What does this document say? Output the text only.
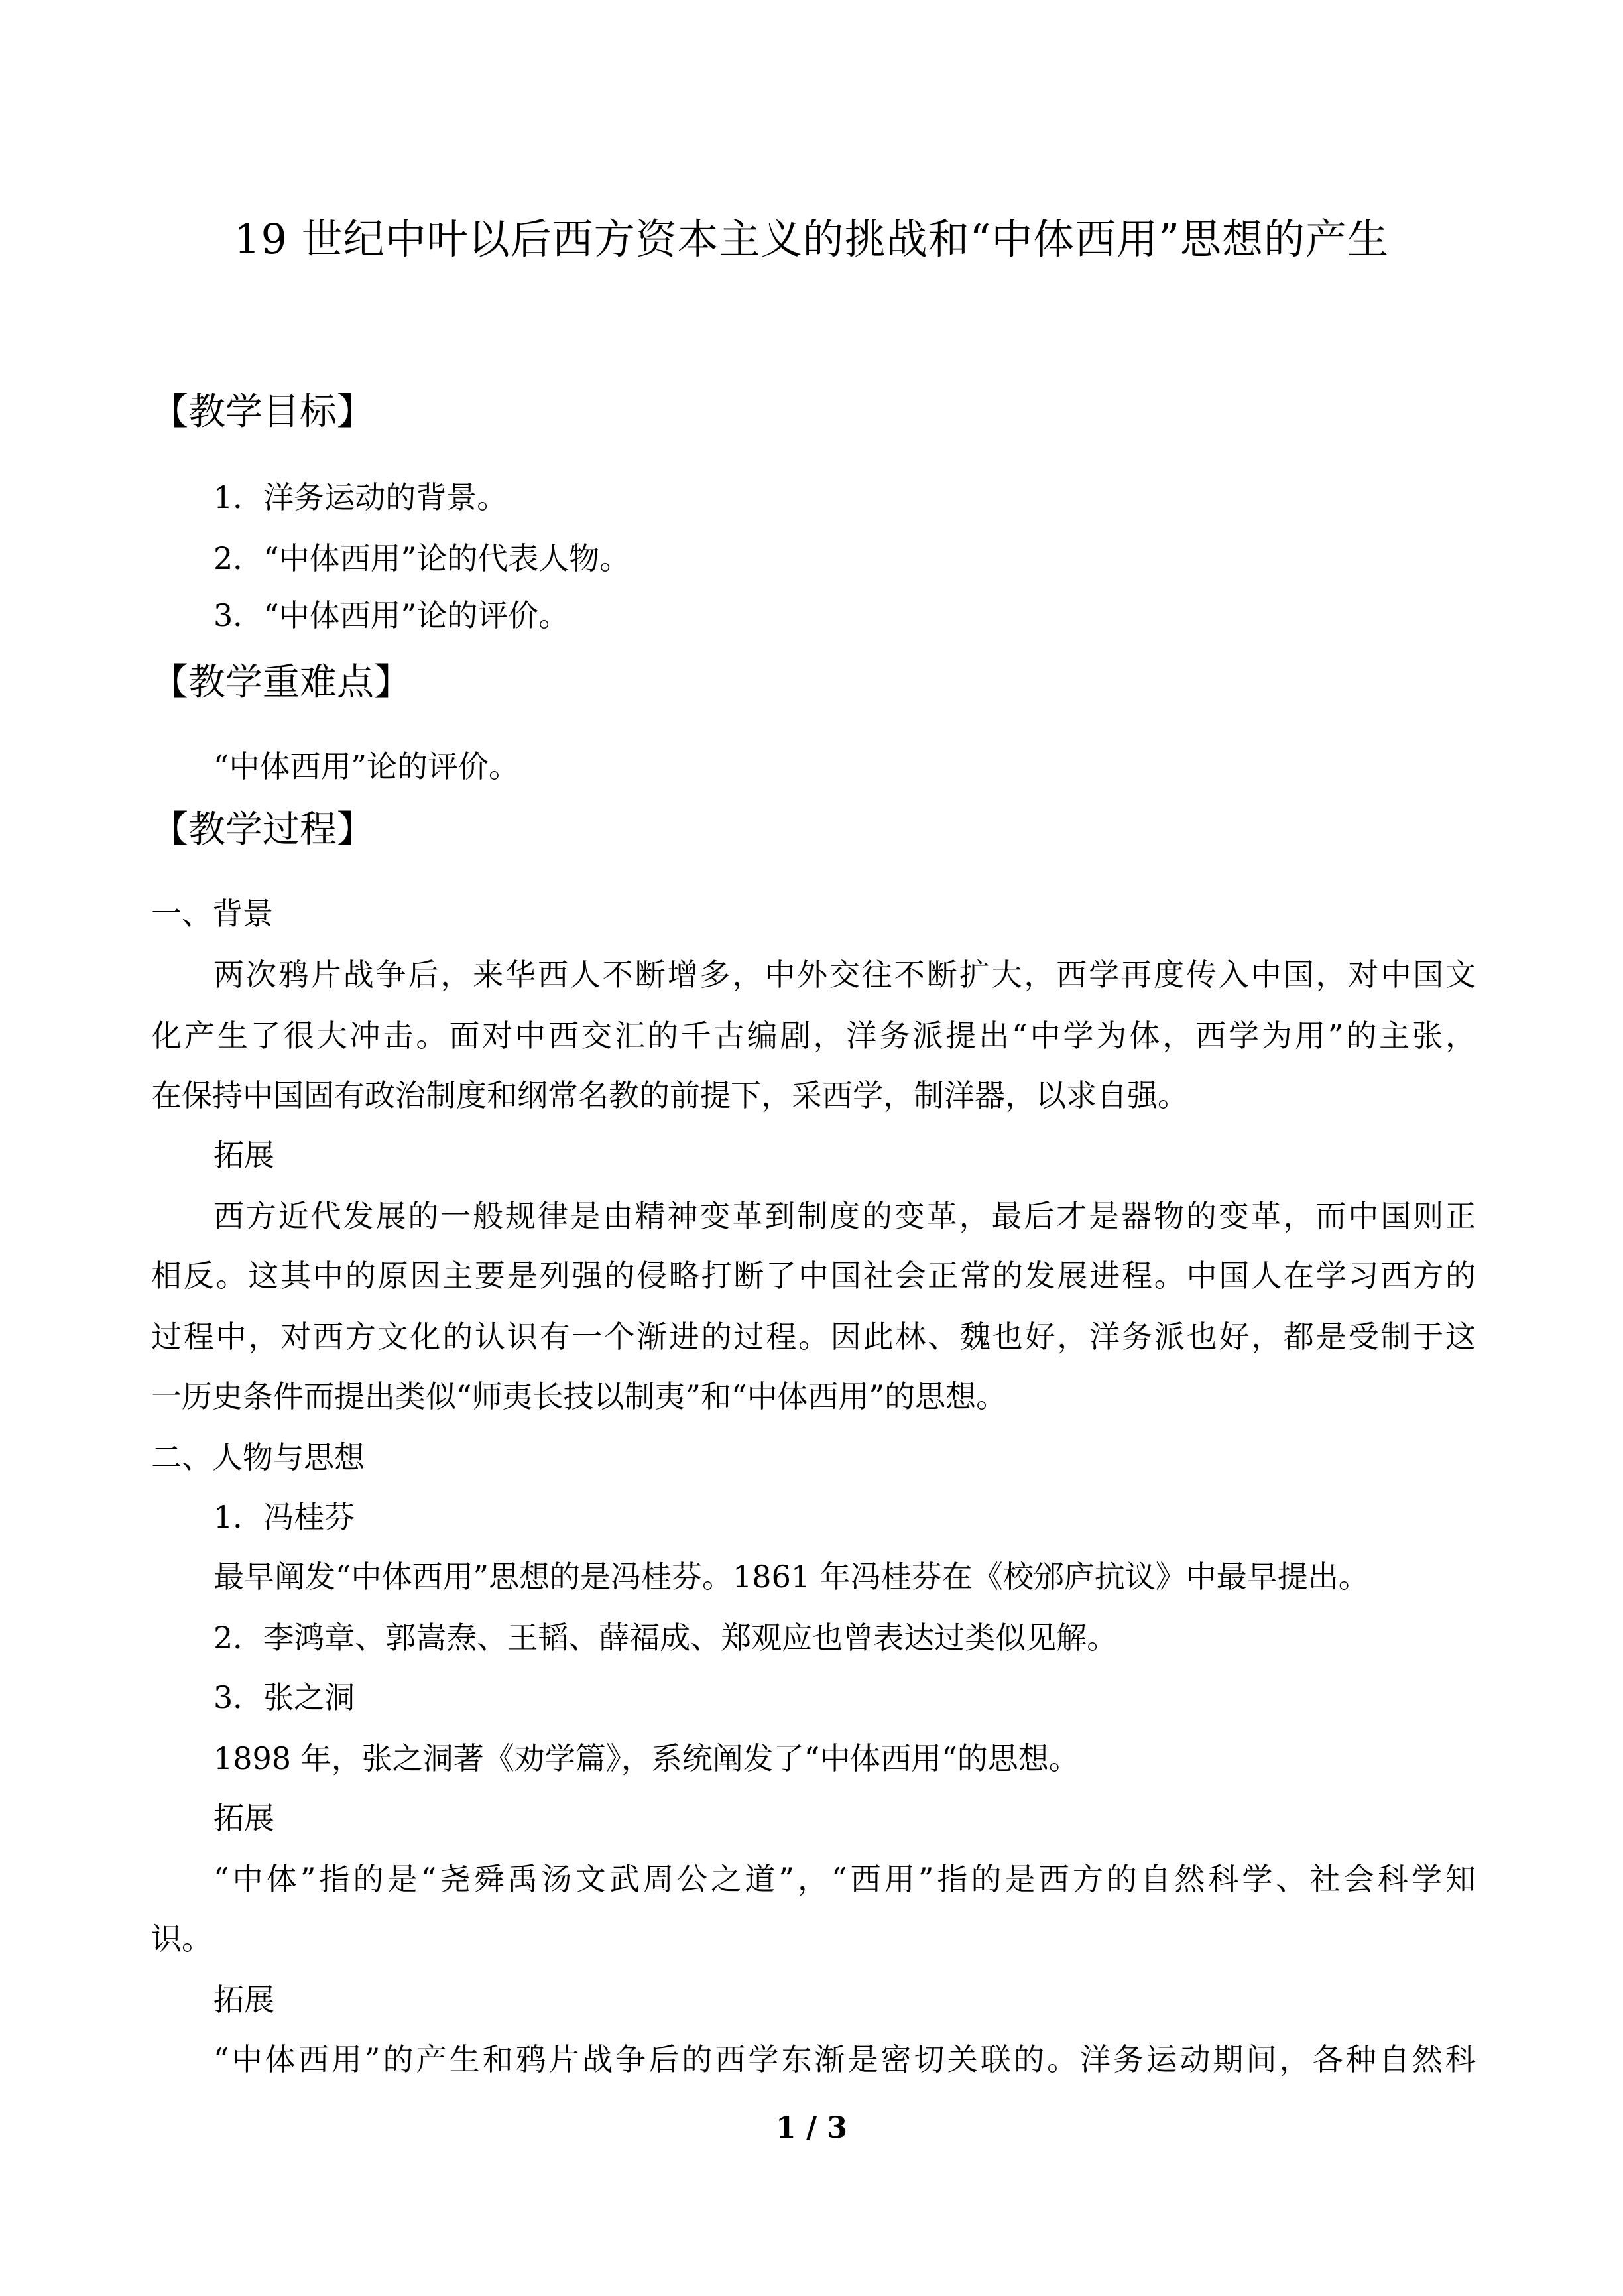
19 世纪中叶以后西方资本主义的挑战和“中体西用”思想的产生
【教学目标】
1．洋务运动的背景。
2．“中体西用”论的代表人物。
3．“中体西用”论的评价。
【教学重难点】
“中体西用”论的评价。
【教学过程】
一、背景
两次鸦片战争后，来华西人不断增多，中外交往不断扩大，西学再度传入中国，对中国文
化产生了很大冲击。面对中西交汇的千古编剧，洋务派提出“中学为体，西学为用”的主张，
在保持中国固有政治制度和纲常名教的前提下，采西学，制洋器，以求自强。
拓展
西方近代发展的一般规律是由精神变革到制度的变革，最后才是器物的变革，而中国则正
相反。这其中的原因主要是列强的侵略打断了中国社会正常的发展进程。中国人在学习西方的
过程中，对西方文化的认识有一个渐进的过程。因此林、魏也好，洋务派也好，都是受制于这
一历史条件而提出类似“师夷长技以制夷”和“中体西用”的思想。
二、人物与思想
1．冯桂芬
最早阐发“中体西用”思想的是冯桂芬。1861 年冯桂芬在《校邠庐抗议》中最早提出。
2．李鸿章、郭嵩焘、王韬、薛福成、郑观应也曾表达过类似见解。
3．张之洞
1898 年，张之洞著《劝学篇》，系统阐发了“中体西用“的思想。
拓展
“中体”指的是“尧舜禹汤文武周公之道”，“西用”指的是西方的自然科学、社会科学知
识。
拓展
“中体西用”的产生和鸦片战争后的西学东渐是密切关联的。洋务运动期间，各种自然科
1 / 3
